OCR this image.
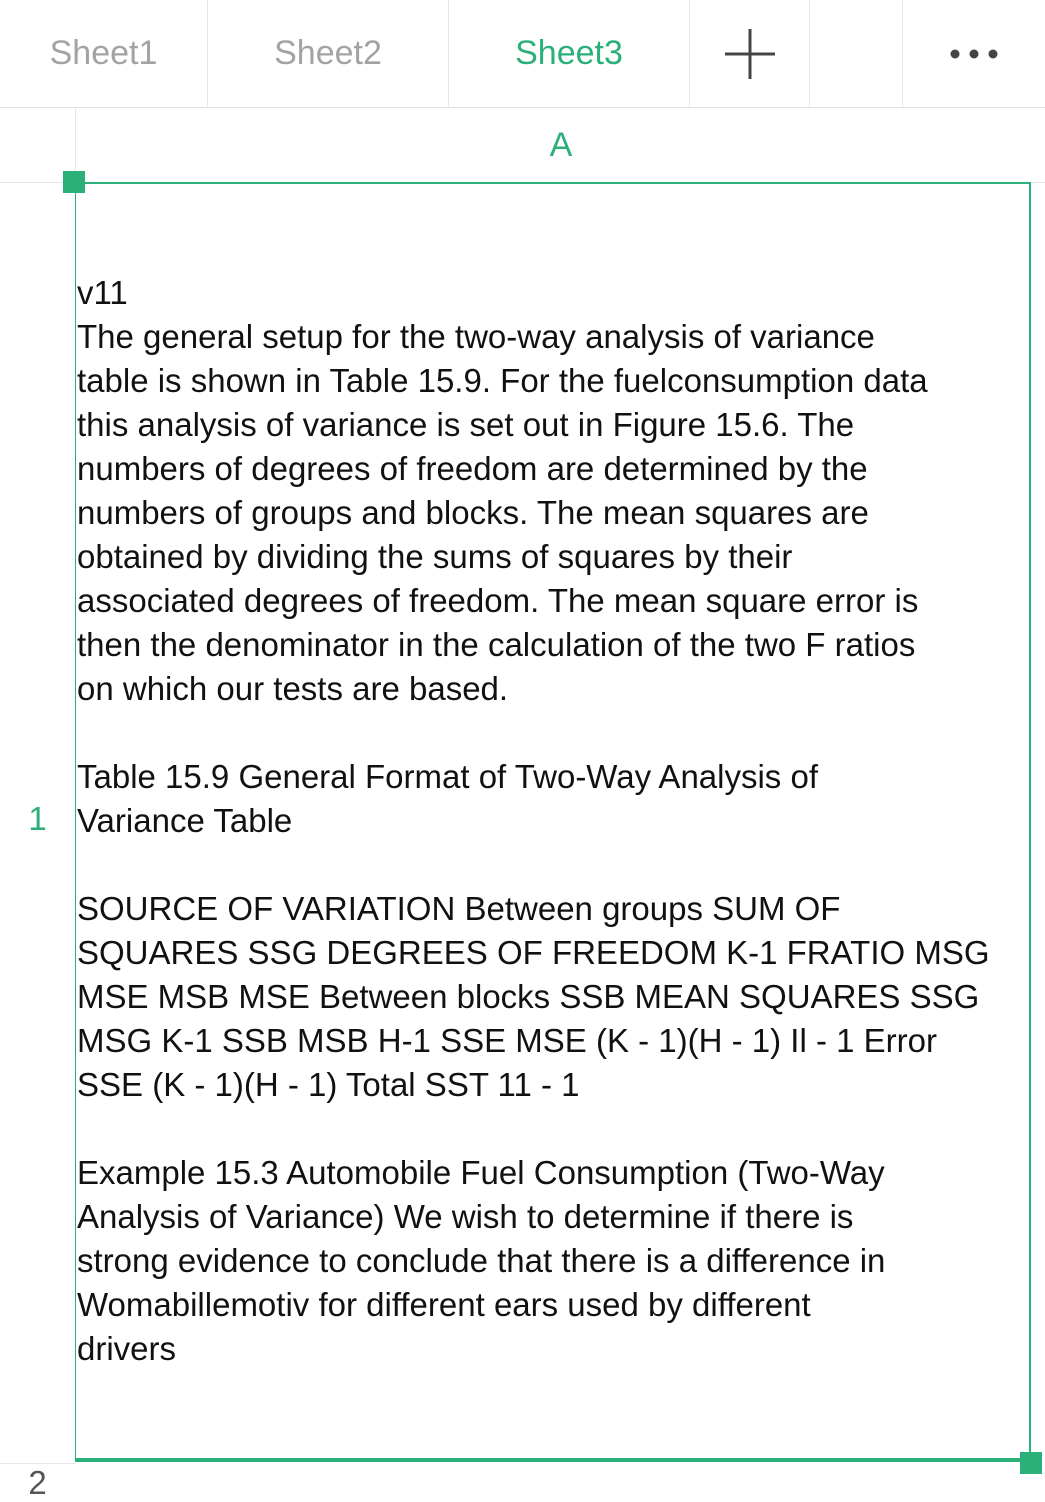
Sheet1	Sheet2	Sheet3
A
1
2
v11
The general setup for the two-way analysis of variance
table is shown in Table 15.9. For the fuelconsumption data
this analysis of variance is set out in Figure 15.6. The
numbers of degrees of freedom are determined by the
numbers of groups and blocks. The mean squares are
obtained by dividing the sums of squares by their
associated degrees of freedom. The mean square error is
then the denominator in the calculation of the two F ratios
on which our tests are based.
Table 15.9 General Format of Two-Way Analysis of
Variance Table
SOURCE OF VARIATION Between groups SUM OF
SQUARES SSG DEGREES OF FREEDOM K-1 FRATIO MSG
MSE MSB MSE Between blocks SSB MEAN SQUARES SSG
MSG K-1 SSB MSB H-1 SSE MSE (K - 1)(H - 1) Il - 1 Error
SSE (K - 1)(H - 1) Total SST 11 - 1
Example 15.3 Automobile Fuel Consumption (Two-Way
Analysis of Variance) We wish to determine if there is
strong evidence to conclude that there is a difference in
Womabillemotiv for different ears used by different
drivers
